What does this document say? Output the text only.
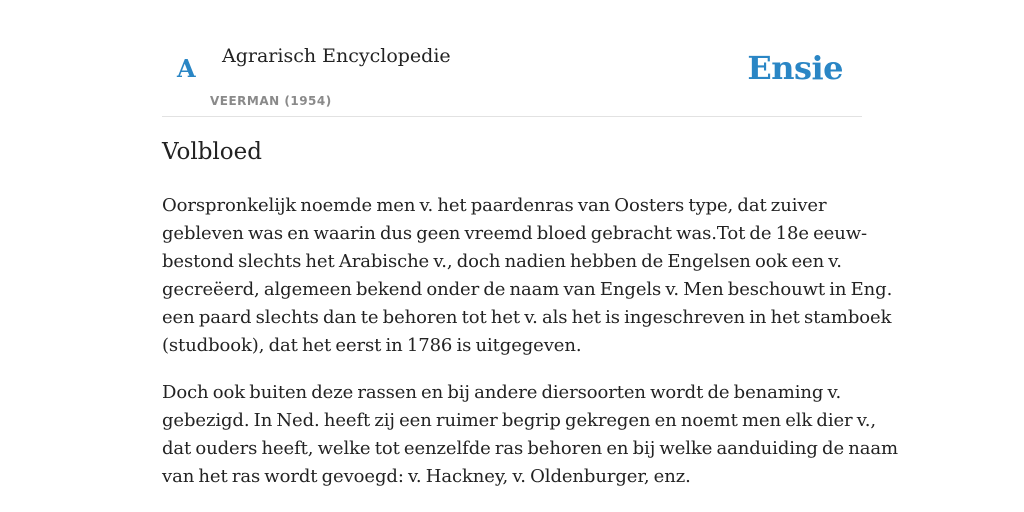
A Agrarisch Encyclopedie
VEERMAN (1954)
Ensie
Volbloed

Oorspronkelijk noemde men v. het paardenras van Oosters type, dat zuiver
gebleven was en waarin dus geen vreemd bloed gebracht was.Tot de 18e eeuw-
bestond slechts het Arabische v., doch nadien hebben de Engelsen ook een v.
gecreëerd, algemeen bekend onder de naam van Engels v. Men beschouwt in Eng.
een paard slechts dan te behoren tot het v. als het is ingeschreven in het stamboek
(studbook), dat het eerst in 1786 is uitgegeven.

Doch ook buiten deze rassen en bij andere diersoorten wordt de benaming v.
gebezigd. In Ned. heeft zij een ruimer begrip gekregen en noemt men elk dier v.,
dat ouders heeft, welke tot eenzelfde ras behoren en bij welke aanduiding de naam
van het ras wordt gevoegd: v. Hackney, v. Oldenburger, enz.
